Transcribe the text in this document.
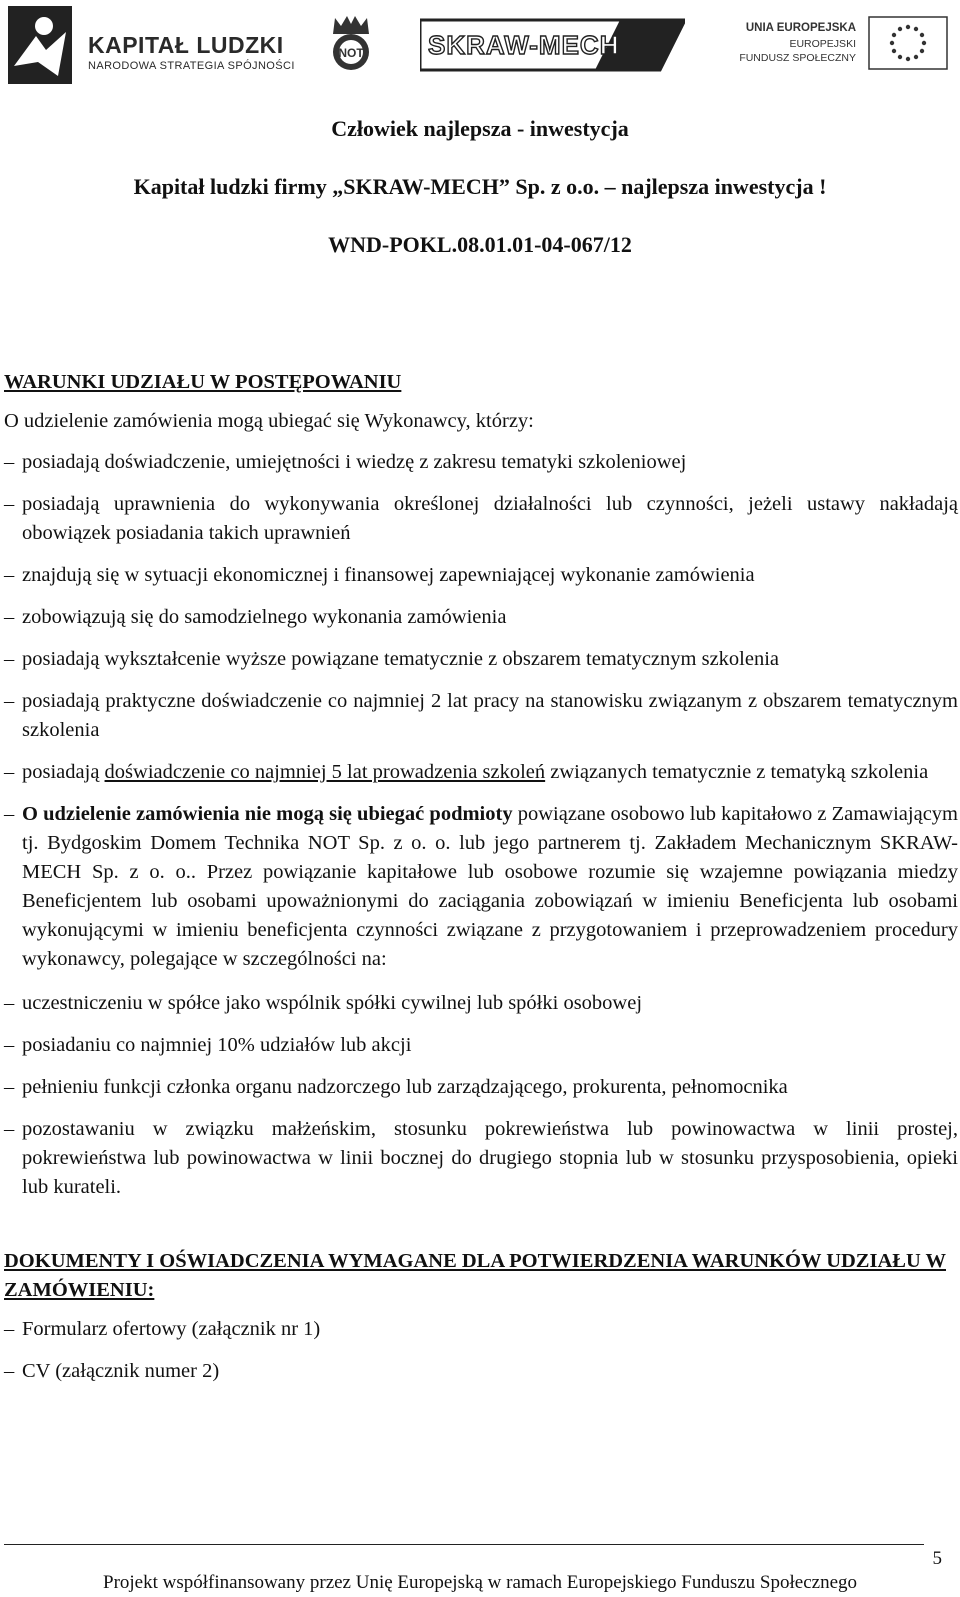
KAPITAŁ LUDZKI
NARODOWA STRATEGIA SPÓJNOŚCI
NOT SKRAW-MECH
UNIA EUROPEJSKA
EUROPEJSKI
FUNDUSZ SPOŁECZNY
Człowiek najlepsza - inwestycja
Kapitał ludzki firmy „SKRAW-MECH” Sp. z o.o. – najlepsza inwestycja !
WND-POKL.08.01.01-04-067/12
WARUNKI UDZIAŁU W POSTĘPOWANIU
O udzielenie zamówienia mogą ubiegać się Wykonawcy, którzy:
– posiadają doświadczenie, umiejętności i wiedzę z zakresu tematyki szkoleniowej
– posiadają uprawnienia do wykonywania określonej działalności lub czynności, jeżeli ustawy nakładają obowiązek posiadania takich uprawnień
– znajdują się w sytuacji ekonomicznej i finansowej zapewniającej wykonanie zamówienia
– zobowiązują się do samodzielnego wykonania zamówienia
– posiadają wykształcenie wyższe powiązane tematycznie z obszarem tematycznym szkolenia
– posiadają praktyczne doświadczenie co najmniej 2 lat pracy na stanowisku związanym z obszarem tematycznym szkolenia
– posiadają doświadczenie co najmniej 5 lat prowadzenia szkoleń związanych tematycznie z tematyką szkolenia
– O udzielenie zamówienia nie mogą się ubiegać podmioty powiązane osobowo lub kapitałowo z Zamawiającym tj. Bydgoskim Domem Technika NOT Sp. z o. o. lub jego partnerem tj. Zakładem Mechanicznym SKRAW-MECH Sp. z o. o.. Przez powiązanie kapitałowe lub osobowe rozumie się wzajemne powiązania miedzy Beneficjentem lub osobami upoważnionymi do zaciągania zobowiązań w imieniu Beneficjenta lub osobami wykonującymi w imieniu beneficjenta czynności związane z przygotowaniem i przeprowadzeniem procedury wykonawcy, polegające w szczególności na:
– uczestniczeniu w spółce jako wspólnik spółki cywilnej lub spółki osobowej
– posiadaniu co najmniej 10% udziałów lub akcji
– pełnieniu funkcji członka organu nadzorczego lub zarządzającego, prokurenta, pełnomocnika
– pozostawaniu w związku małżeńskim, stosunku pokrewieństwa lub powinowactwa w linii prostej, pokrewieństwa lub powinowactwa w linii bocznej do drugiego stopnia lub w stosunku przysposobienia, opieki lub kurateli.
DOKUMENTY I OŚWIADCZENIA WYMAGANE DLA POTWIERDZENIA WARUNKÓW UDZIAŁU W ZAMÓWIENIU:
– Formularz ofertowy (załącznik nr 1)
– CV (załącznik numer 2)
5
Projekt współfinansowany przez Unię Europejską w ramach Europejskiego Funduszu Społecznego
